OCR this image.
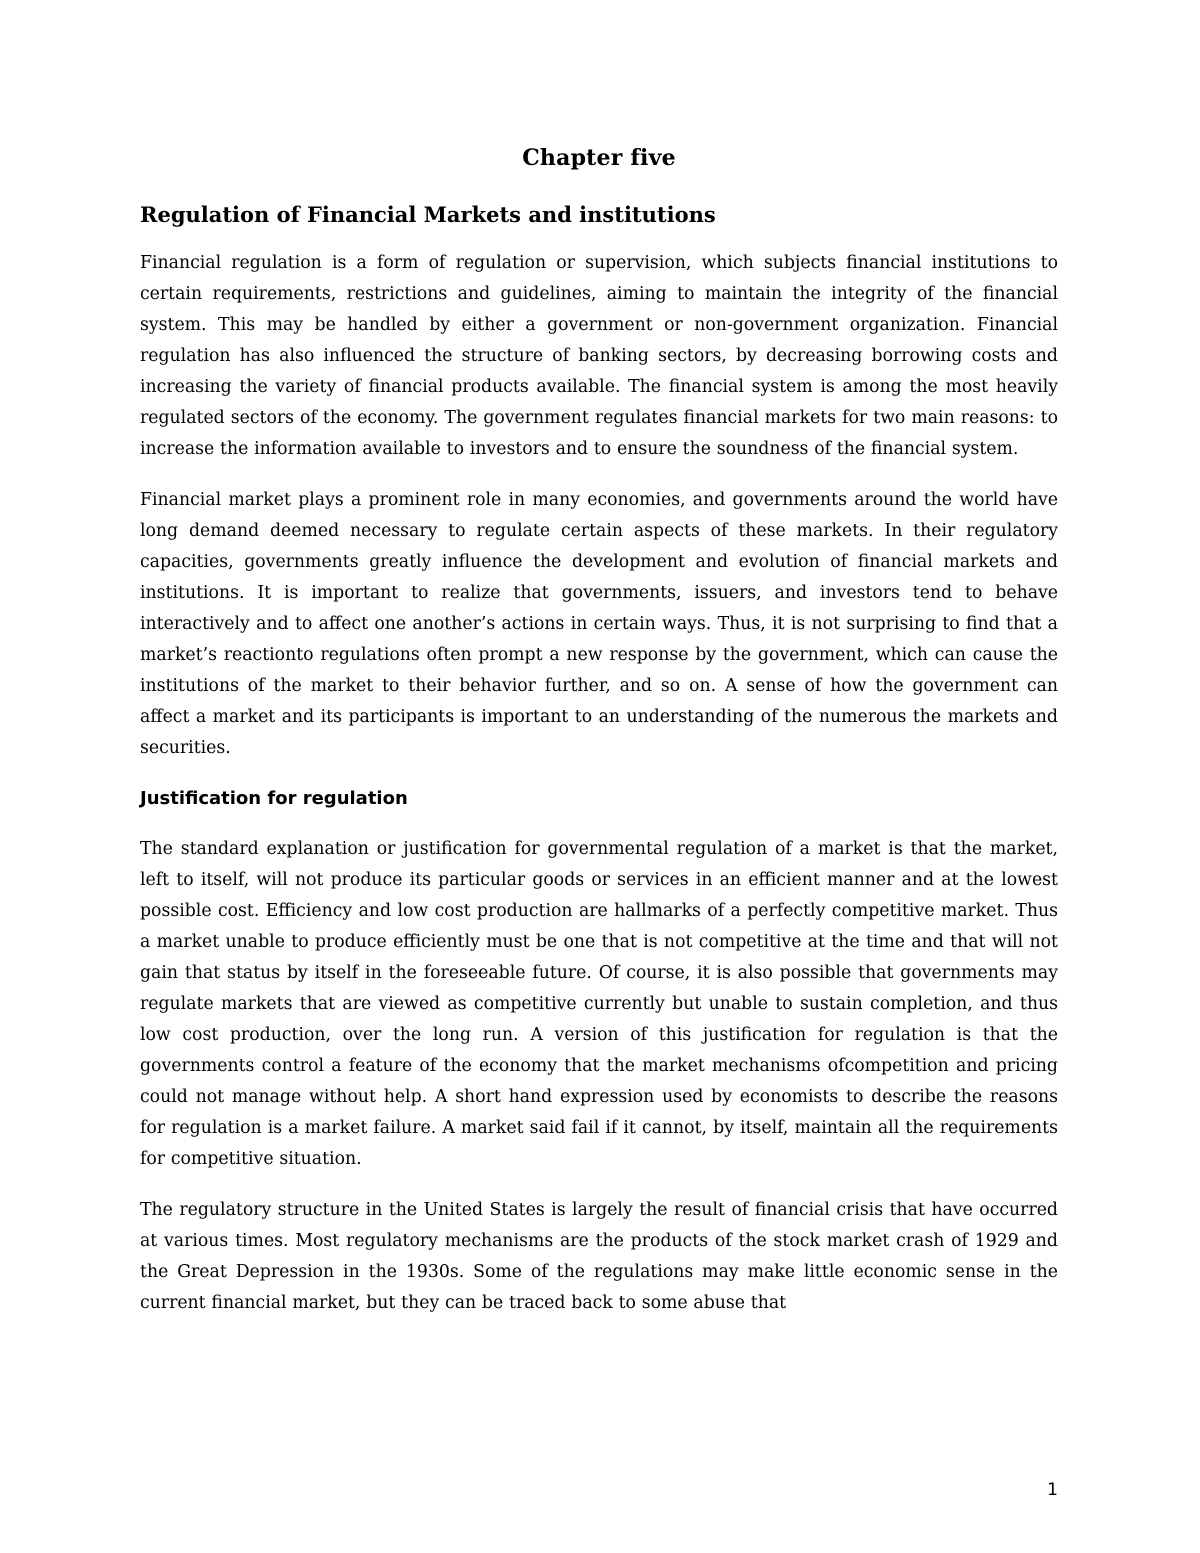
Chapter five
Regulation of Financial Markets and institutions

Financial regulation is a form of regulation or supervision, which subjects financial institutions to certain requirements, restrictions and guidelines, aiming to maintain the integrity of the financial system. This may be handled by either a government or non-government organization. Financial regulation has also influenced the structure of banking sectors, by decreasing borrowing costs and increasing the variety of financial products available. The financial system is among the most heavily regulated sectors of the economy. The government regulates financial markets for two main reasons: to increase the information available to investors and to ensure the soundness of the financial system.

Financial market plays a prominent role in many economies, and governments around the world have long demand deemed necessary to regulate certain aspects of these markets. In their regulatory capacities, governments greatly influence the development and evolution of financial markets and institutions. It is important to realize that governments, issuers, and investors tend to behave interactively and to affect one another’s actions in certain ways. Thus, it is not surprising to find that a market’s reactionto regulations often prompt a new response by the government, which can cause the institutions of the market to their behavior further, and so on. A sense of how the government can affect a market and its participants is important to an understanding of the numerous the markets and securities.

Justification for regulation

The standard explanation or justification for governmental regulation of a market is that the market, left to itself, will not produce its particular goods or services in an efficient manner and at the lowest possible cost. Efficiency and low cost production are hallmarks of a perfectly competitive market. Thus a market unable to produce efficiently must be one that is not competitive at the time and that will not gain that status by itself in the foreseeable future. Of course, it is also possible that governments may regulate markets that are viewed as competitive currently but unable to sustain completion, and thus low cost production, over the long run. A version of this justification for regulation is that the governments control a feature of the economy that the market mechanisms ofcompetition and pricing could not manage without help. A short hand expression used by economists to describe the reasons for regulation is a market failure. A market said fail if it cannot, by itself, maintain all the requirements for competitive situation.

The regulatory structure in the United States is largely the result of financial crisis that have occurred at various times. Most regulatory mechanisms are the products of the stock market crash of 1929 and the Great Depression in the 1930s. Some of the regulations may make little economic sense in the current financial market, but they can be traced back to some abuse that

1
